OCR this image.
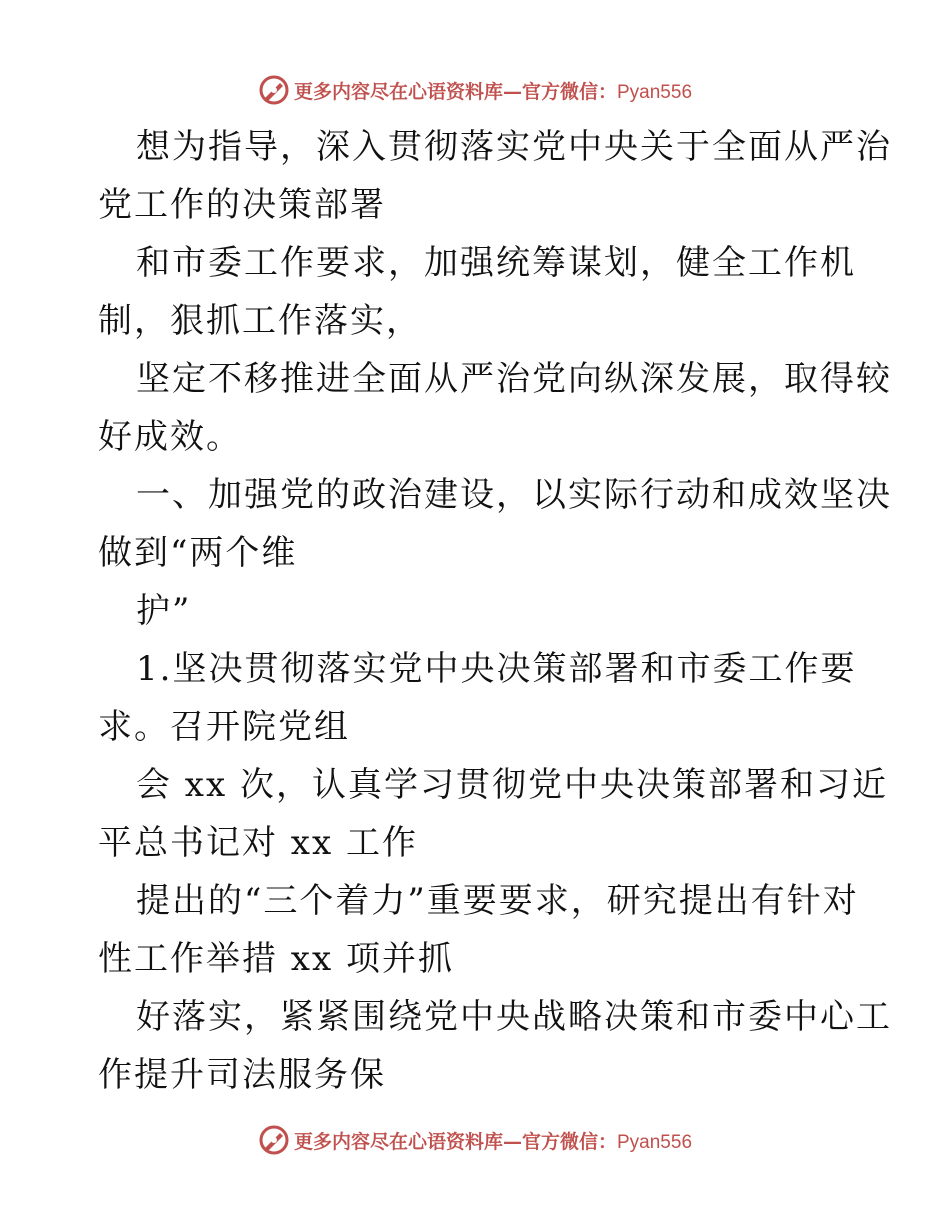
更多内容尽在心语资料库—官方微信：Pyan556
想为指导，深入贯彻落实党中央关于全面从严治
党工作的决策部署
和市委工作要求，加强统筹谋划，健全工作机
制，狠抓工作落实，
坚定不移推进全面从严治党向纵深发展，取得较
好成效。
一、加强党的政治建设，以实际行动和成效坚决
做到“两个维
护”
1.坚决贯彻落实党中央决策部署和市委工作要
求。召开院党组
会 xx 次，认真学习贯彻党中央决策部署和习近
平总书记对 xx 工作
提出的“三个着力”重要要求，研究提出有针对
性工作举措 xx 项并抓
好落实，紧紧围绕党中央战略决策和市委中心工
作提升司法服务保
更多内容尽在心语资料库—官方微信：Pyan556
